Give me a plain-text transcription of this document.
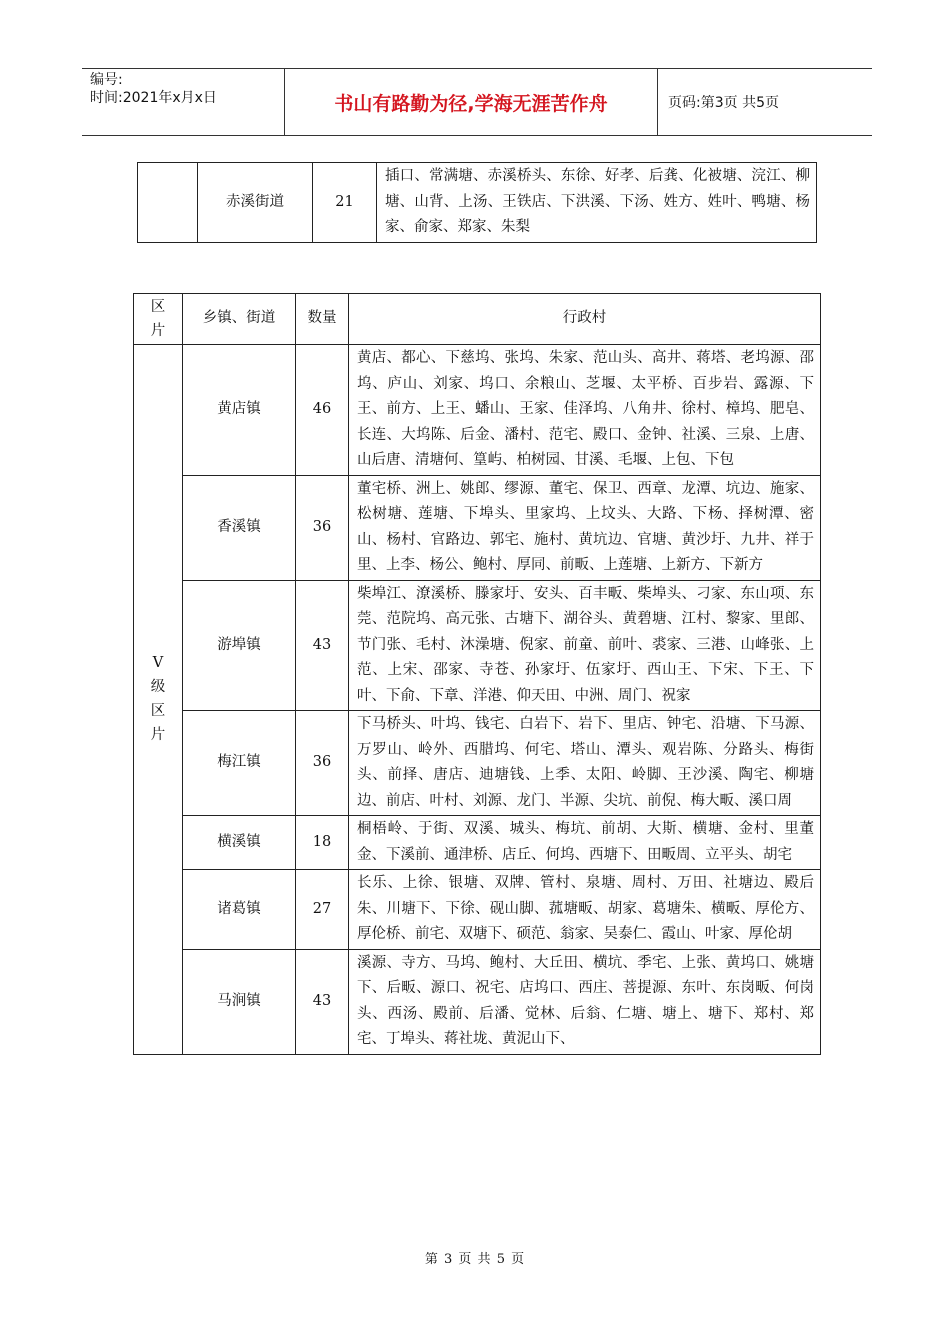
编号:
时间:2021年x月x日	书山有路勤为径,学海无涯苦作舟	页码:第3页 共5页
	赤溪街道	21	插口、常满塘、赤溪桥头、东徐、好孝、后龚、化被塘、浣江、柳塘、山背、上汤、王铁店、下洪溪、下汤、姓方、姓叶、鸭塘、杨家、俞家、郑家、朱梨
区片	乡镇、街道	数量	行政村
V级区片	黄店镇	46	黄店、都心、下慈坞、张坞、朱家、范山头、高井、蒋塔、老坞源、邵坞、庐山、刘家、坞口、余粮山、芝堰、太平桥、百步岩、露源、下王、前方、上王、蟠山、王家、佳泽坞、八角井、徐村、樟坞、肥皂、长连、大坞陈、后金、潘村、范宅、殿口、金钟、社溪、三泉、上唐、山后唐、清塘何、篁屿、柏树园、甘溪、毛堰、上包、下包
	香溪镇	36	董宅桥、洲上、姚郎、缪源、董宅、保卫、西章、龙潭、坑边、施家、松树塘、莲塘、下埠头、里家坞、上坟头、大路、下杨、择树潭、密山、杨村、官路边、郭宅、施村、黄坑边、官塘、黄沙圩、九井、祥于里、上李、杨公、鲍村、厚同、前畈、上莲塘、上新方、下新方
	游埠镇	43	柴埠江、潦溪桥、滕家圩、安头、百丰畈、柴埠头、刁家、东山项、东莞、范院坞、高元张、古塘下、湖谷头、黄碧塘、江村、黎家、里郎、节门张、毛村、沐澡塘、倪家、前童、前叶、裘家、三港、山峰张、上范、上宋、邵家、寺苍、孙家圩、伍家圩、西山王、下宋、下王、下叶、下俞、下章、洋港、仰天田、中洲、周门、祝家
	梅江镇	36	下马桥头、叶坞、钱宅、白岩下、岩下、里店、钟宅、沿塘、下马源、万罗山、岭外、西腊坞、何宅、塔山、潭头、观岩陈、分路头、梅街头、前择、唐店、迪塘钱、上季、太阳、岭脚、王沙溪、陶宅、柳塘边、前店、叶村、刘源、龙门、半源、尖坑、前倪、梅大畈、溪口周
	横溪镇	18	桐梧岭、于街、双溪、城头、梅坑、前胡、大斯、横塘、金村、里董金、下溪前、通津桥、店丘、何坞、西塘下、田畈周、立平头、胡宅
	诸葛镇	27	长乐、上徐、银塘、双牌、管村、泉塘、周村、万田、社塘边、殿后朱、川塘下、下徐、砚山脚、菰塘畈、胡家、葛塘朱、横畈、厚伦方、厚伦桥、前宅、双塘下、硕范、翁家、吴泰仁、霞山、叶家、厚伦胡
	马涧镇	43	溪源、寺方、马坞、鲍村、大丘田、横坑、季宅、上张、黄坞口、姚塘下、后畈、源口、祝宅、店坞口、西庄、菩提源、东叶、东岗畈、何岗头、西汤、殿前、后潘、觉林、后翁、仁塘、塘上、塘下、郑村、郑宅、丁埠头、蒋社垅、黄泥山下、
第 3 页 共 5 页
